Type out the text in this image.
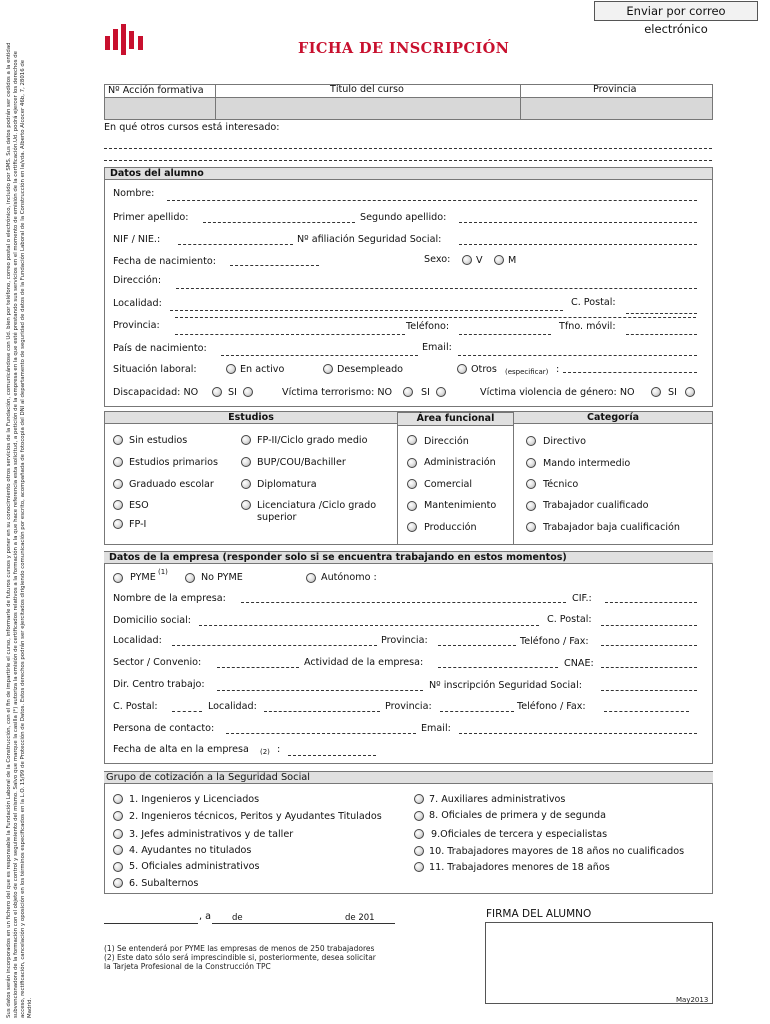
Sus datos serán incorporados en un fichero del que es responsable la Fundación Laboral de la Construcción, con el fin de impartirle el curso, informarle de futuros cursos y poner en su conocimiento otros servicios de la Fundación, comunicándose con Ud. bien por teléfono, correo postal o electrónico, incluido por SMS. Sus datos podrán ser cedidos a la entidad subvencionadora de la formación con el objeto de control y seguimiento del mismo. Salvo que marque la casilla (*) autoriza la emisión de certificados relativos a la formación a la que hace referencia esta solicitud, a petición de la empresa en la que esté prestando sus servicios en el momento de emisión de la certificación.Ud. podrá ejercer los derechos de acceso, rectificación, cancelación y oposición en los términos especificados en la L.O. 15/99 de Protección de Datos. Estos derechos podrán ser ejercitados dirigiendo comunicación por escrito, acompañada de fotocopia del DNI al departamento de seguridad de datos de la Fundación Laboral de la Construcción en la/vda. Alberto Alcocer 46b, 7, 28016 de Madrid.
Enviar por correo electrónico
FICHA DE INSCRIPCIÓN
Nº Acción formativa	Título del curso	Provincia
En qué otros cursos está interesado:
Datos del alumno
Nombre:
Primer apellido:	Segundo apellido:
NIF / NIE.:	Nº afiliación Seguridad Social:
Fecha de nacimiento:	Sexo:	V	M
Dirección:
Localidad:	C. Postal:
Provincia:	Teléfono:	Tfno. móvil:
País de nacimiento:	Email:
Situación laboral:	En activo	Desempleado	Otros (especificar) :
Discapacidad: NO	SI	Víctima terrorismo: NO	SI	Víctima violencia de género: NO	SI
Estudios	Área funcional	Categoría
Sin estudios
Estudios primarios
Graduado escolar
ESO
FP-I
FP-II/Ciclo grado medio
BUP/COU/Bachiller
Diplomatura
Licenciatura /Ciclo grado superior
Dirección
Administración
Comercial
Mantenimiento
Producción
Directivo
Mando intermedio
Técnico
Trabajador cualificado
Trabajador baja cualificación
Datos de la empresa (responder solo si se encuentra trabajando en estos momentos)
PYME (1)	No PYME	Autónomo :
Nombre de la empresa:	CIF.:
Domicilio social:	C. Postal:
Localidad:	Provincia:	Teléfono / Fax:
Sector / Convenio:	Actividad de la empresa:	CNAE:
Dir. Centro trabajo:	Nº inscripción Seguridad Social:
C. Postal:	Localidad:	Provincia:	Teléfono / Fax:
Persona de contacto:	Email:
Fecha de alta en la empresa (2) :
Grupo de cotización a la Seguridad Social
1. Ingenieros y Licenciados
2. Ingenieros técnicos, Peritos y Ayudantes Titulados
3. Jefes administrativos y de taller
4. Ayudantes no titulados
5. Oficiales administrativos
6. Subalternos
7. Auxiliares administrativos
8. Oficiales de primera y de segunda
9.Oficiales de tercera y especialistas
10. Trabajadores mayores de 18 años no cualificados
11. Trabajadores menores de 18 años
, a de	de 201	FIRMA DEL ALUMNO
(1) Se entenderá por PYME las empresas de menos de 250 trabajadores
(2) Este dato sólo será imprescindible si, posteriormente, desea solicitar
la Tarjeta Profesional de la Construcción TPC
May2013
